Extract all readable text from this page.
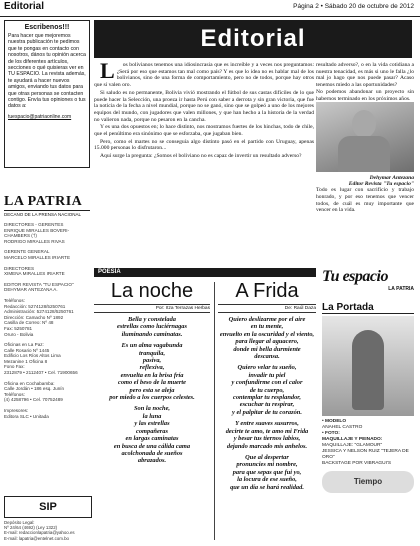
Editorial	Página 2 • Sábado 20 de octubre de 2012
Editorial
Escribenos!!!
Para hacer que mejoremos nuestra publicación te pedimos que te pongas en contacto con nosotros, dános tu opinión acerca de los diferentes artículos, secciones o qué quisieras ver en TU ESPACIO. La revista además, te ayudará a hacer nuevos amigos, enviando tus datos para que otras personas se contacten contigo. Envía tus opiniones o tus datos a:
tuespacio@patriaonline.com
LA PATRIA
DECANO DE LA PRENSA NACIONAL
DIRECTORES - GERENTES
ENRIQUE MIRALLES BOVERI-CHAMBERS (†)
RODRIGO MIRALLES RIVAS
GERENTE GENERAL
MARCELO MIRALLES IRIARTE
DIRECTORES
XIMENA MIRALLES IRIARTE
EDITOR REVISTA "TU ESPACIO"
DEHYMAR ANTEZANA A.
Teléfonos:
Redacción: 5274128/5250761
Administración: 5274128/5250761
Dirección: Camacho Nº 1892
Casilla de Correo: Nº 48
Fax: 5250781
Oruro - Bolivia
Oficinas en La Paz:
Calle Rosario Nº 1445
Edificio Los Ríos Altos Lima
Mezanine 1 Oficina 8
Fono Fax:
2312879 • 2112407 • Cel. 71900656
Oficina en Cochabamba:
Calle Jordán • 186 esq. Junín
Teléfonos:
(4) 4258796 • Cel. 70752489
Impresores:
Editora SLC • Unitada
SIP
Depósito Legal:
Nº 24/64 (4692) (Ley 1322)
E-mail: redaccionlapatria@yahoo.es
E-mail: lapatria@entelnet.com.bo
L os bolivianos tenemos una idiosincrasia que es increíble y a veces nos preguntamos: ¿Será por eso que estamos tan mal como país? Y es que lo idea no es hablar mal de los bolivianos, sino de una forma de comportamiento, pero no de todos, porque hay otros que sí valen oro.
Si saludo es no permanente, Bolivia vivió mostrando el fútbol de sus castas difíciles de lo que puede hacer la Selección, una proeza ir hasta Perú con saber a derrota y sin gran victoria, que fue la noticia de la fecha a nivel mundial, porque no se ganó, sino que se golpeó a uno de los mejores equipos del mundo, con jugadores que valen millones, y que han hecho a la historia de la verdad no valieron nada, porque no pesaron en la cancha.
Y es una dos opuestos en; lo hace distinto, nos mostramos fuertes de los hinchas, todo de chile, que el penúltimo era sinónimo que se esforzaba, que jugaban bien.
Pero, como el martes no se conseguía algo distinto pasó en el partido con Uruguay, apenas 15.000 personas lo disfrutaron...
Aquí surge la pregunta: ¿Somos el boliviano no es capaz de invertir un resultado adverso?
resultado adverso?, o en la vida cotidiana a nuestra tenacidad, es más si uno le falla ¿lo mal jo hago que nos puede pasar? Acaso tenemos miedo a las oportunidades?
No podemos abandonar un proyecto sin habernos terminado en los próximos años.
Dehymar Antezana
Editor Revista "Tu espacio"
Todo es lugar con sacrificio y trabajo honrado, y por eso tenemos que vencer todos, de cuál es muy importante que vencer en la vida.
POESÍA
La noche
Por: Itza Terrazas Herbas
Bella y constelada
estrellas como luciérnagas
iluminando caminatas.
Es un alma vagabunda
tranquila,
pasiva,
reflexiva,
envuelta en la brisa fría
como el beso de la muerte
pero esta se aleja
por miedo a los cuerpos celestes.
Son la noche,
la luna
y las estrellas
compañeras
en largas caminatas
en busca de una cálida cama
acolchonada de sueños
abrazados.
A Frida
De: Raúl Daza
Quiero deslizarme por el aire
en tu mente,
envuelto en la oscuridad y el viento,
para llegar al aguacero,
donde mi bella durmiente
descansa.
Quiero velar tu sueño,
invadir tu piel
y confundirme con el calor
de tu cuerpo,
contemplar tu resplandor,
escuchar tu respirar,
y el palpitar de tu corazón.
Y entre suaves susurros,
decirte te amo, te amo mi Frida
y besar tus tiernos labios,
dejando marcado mis anhelos.
Que al despertar
pronuncies mi nombre,
para que sepas que fui yo,
la locura de ese sueño,
que un día se hará realidad.
Tu espacio
LA PATRIA
La Portada
• MODELO
ANAHEL CASTRO
• FOTO:
MAQUILLAJE Y PEINADO:
MAQUILLAJE: "GLAMOUR"
JESSICA Y NELSON RUIZ "TEJERA DE ORO"
BACKSTAGE POR VIBRAGUI'S
Tiempo
